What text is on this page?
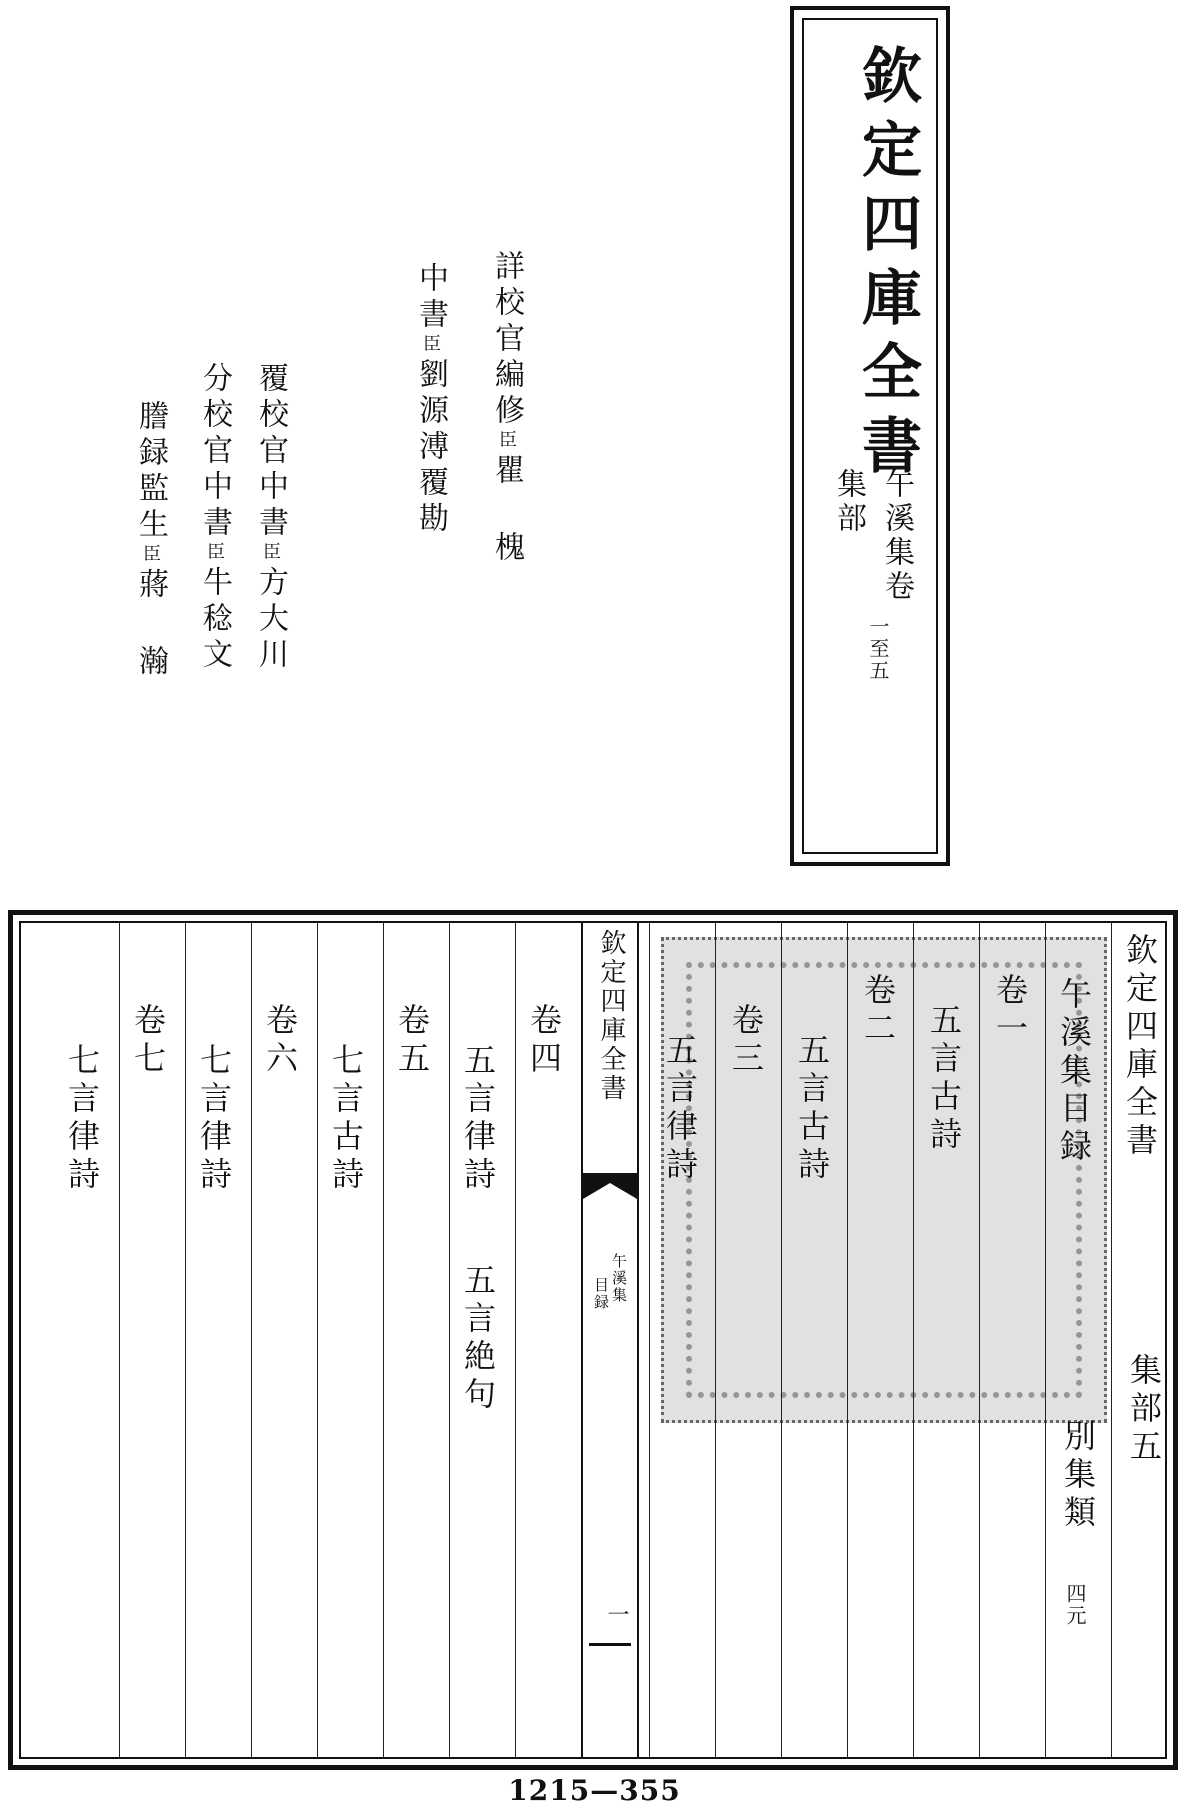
欽定四庫全書
集部 午溪集卷
一至五
詳校官編修臣瞿 槐
中書臣劉源溥覆勘
覆校官中書臣方大川
分校官中書臣牛稔文
謄録監生臣蔣 瀚
欽定四庫全書
集部五
午溪集目録
別集類
四元
卷一
五言古詩
卷二
五言古詩
卷三
五言律詩
欽定四庫全書
午溪集
目録
一
卷四
五言律詩
五言絶句
卷五
七言古詩
卷六
七言律詩
卷七
七言律詩
1215—355
